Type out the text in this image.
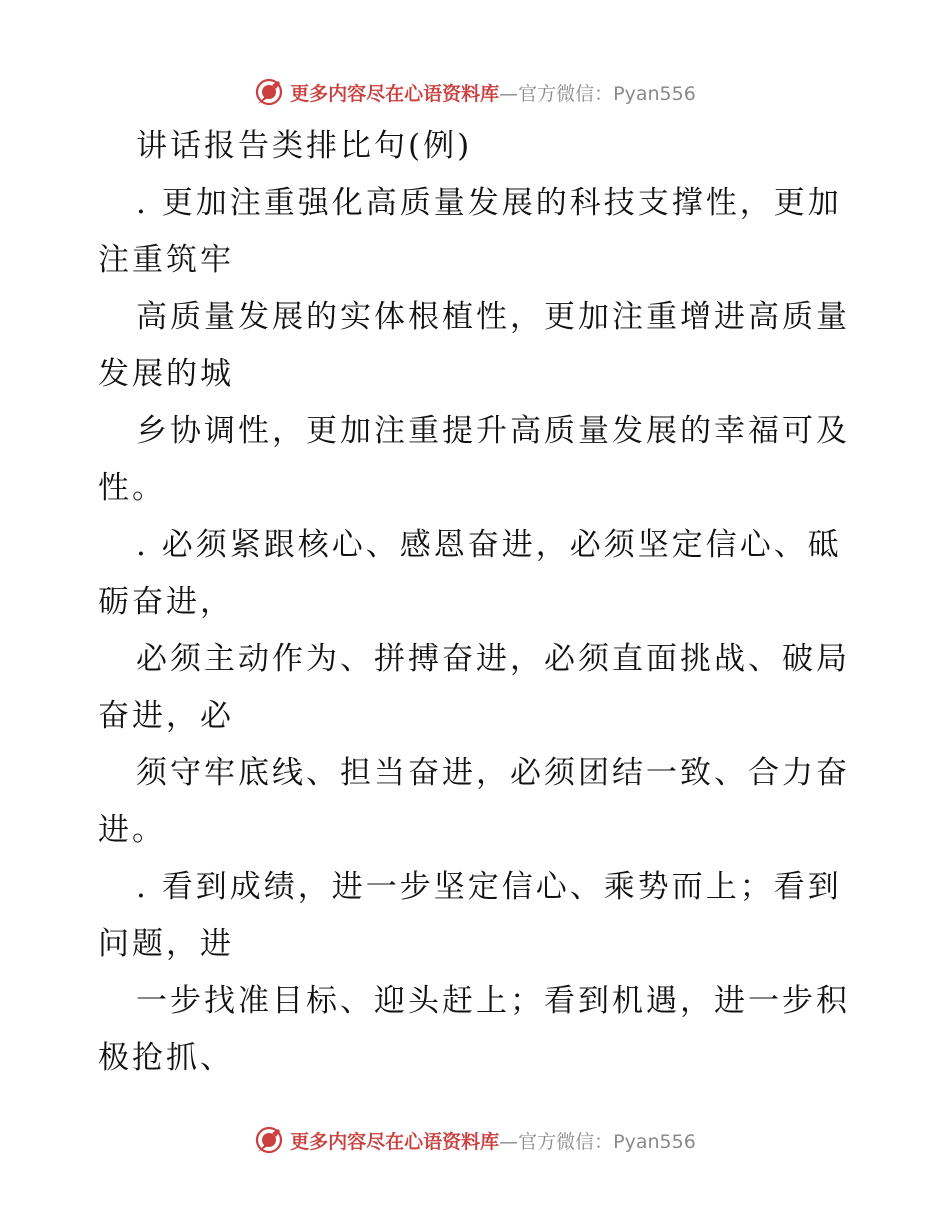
更多内容尽在心语资料库 —官方微信：Pyan556
讲话报告类排比句(例)
. 更加注重强化高质量发展的科技支撑性，更加
注重筑牢
高质量发展的实体根植性，更加注重增进高质量
发展的城
乡协调性，更加注重提升高质量发展的幸福可及
性。
. 必须紧跟核心、感恩奋进，必须坚定信心、砥
砺奋进，
必须主动作为、拼搏奋进，必须直面挑战、破局
奋进，必
须守牢底线、担当奋进，必须团结一致、合力奋
进。
. 看到成绩，进一步坚定信心、乘势而上；看到
问题，进
一步找准目标、迎头赶上；看到机遇，进一步积
极抢抓、
更多内容尽在心语资料库 —官方微信：Pyan556
